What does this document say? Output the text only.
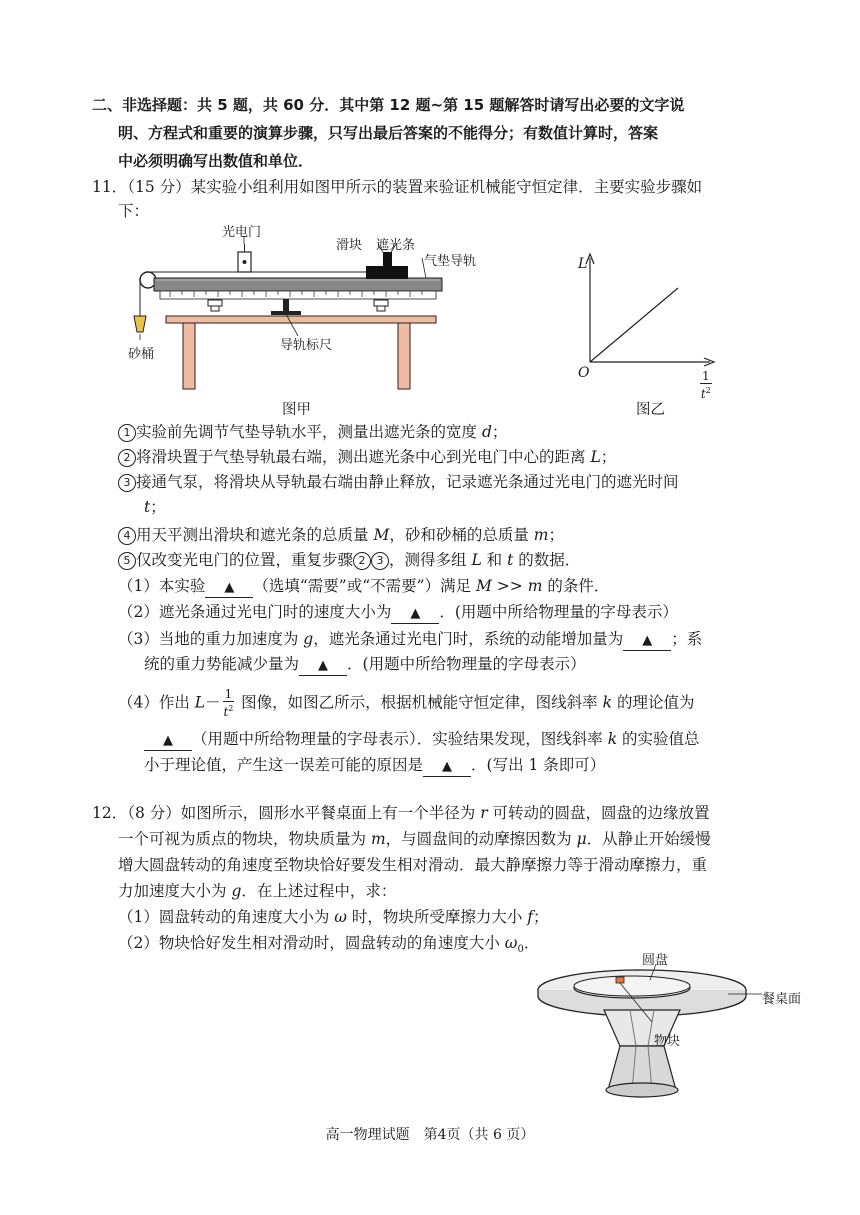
二、非选择题：共 5 题，共 60 分．其中第 12 题~第 15 题解答时请写出必要的文字说
明、方程式和重要的演算步骤，只写出最后答案的不能得分；有数值计算时，答案
中必须明确写出数值和单位．
11．（15 分）某实验小组利用如图甲所示的装置来验证机械能守恒定律．主要实验步骤如
下：
光电门
滑块 遮光条
气垫导轨
砂桶
导轨标尺
图甲
L
O	$\frac{1}{t^2}$
图乙
1 实验前先调节气垫导轨水平，测量出遮光条的宽度 d；
2 将滑块置于气垫导轨最右端，测出遮光条中心到光电门中心的距离 L；
3 接通气泵，将滑块从导轨最右端由静止释放，记录遮光条通过光电门的遮光时间
t；
4 用天平测出滑块和遮光条的总质量 M，砂和砂桶的总质量 m；
5 仅改变光电门的位置，重复步骤 2 3 ，测得多组 L 和 t 的数据．
（1）本实验 ▲ （选填“需要”或“不需要”）满足 M >> m 的条件．
（2）遮光条通过光电门时的速度大小为 ▲ ．(用题中所给物理量的字母表示）
（3）当地的重力加速度为 g，遮光条通过光电门时，系统的动能增加量为 ▲ ；系
统的重力势能减少量为 ▲ ．(用题中所给物理量的字母表示）
（4）作出 $L- \frac{1}{t^2}$ 图像，如图乙所示，根据机械能守恒定律，图线斜率 k 的理论值为
▲ （用题中所给物理量的字母表示）．实验结果发现，图线斜率 k 的实验值总
小于理论值，产生这一误差可能的原因是 ▲ ．(写出 1 条即可）
12．（8 分）如图所示，圆形水平餐桌面上有一个半径为 r 可转动的圆盘，圆盘的边缘放置
一个可视为质点的物块，物块质量为 m，与圆盘间的动摩擦因数为 μ．从静止开始缓慢
增大圆盘转动的角速度至物块恰好要发生相对滑动．最大静摩擦力等于滑动摩擦力，重
力加速度大小为 g．在上述过程中，求：
（1）圆盘转动的角速度大小为 ω 时，物块所受摩擦力大小 f；
（2）物块恰好发生相对滑动时，圆盘转动的角速度大小 $\omega_0$．
圆盘
餐桌面
物块
高一物理试题　第4页（共 6 页）
